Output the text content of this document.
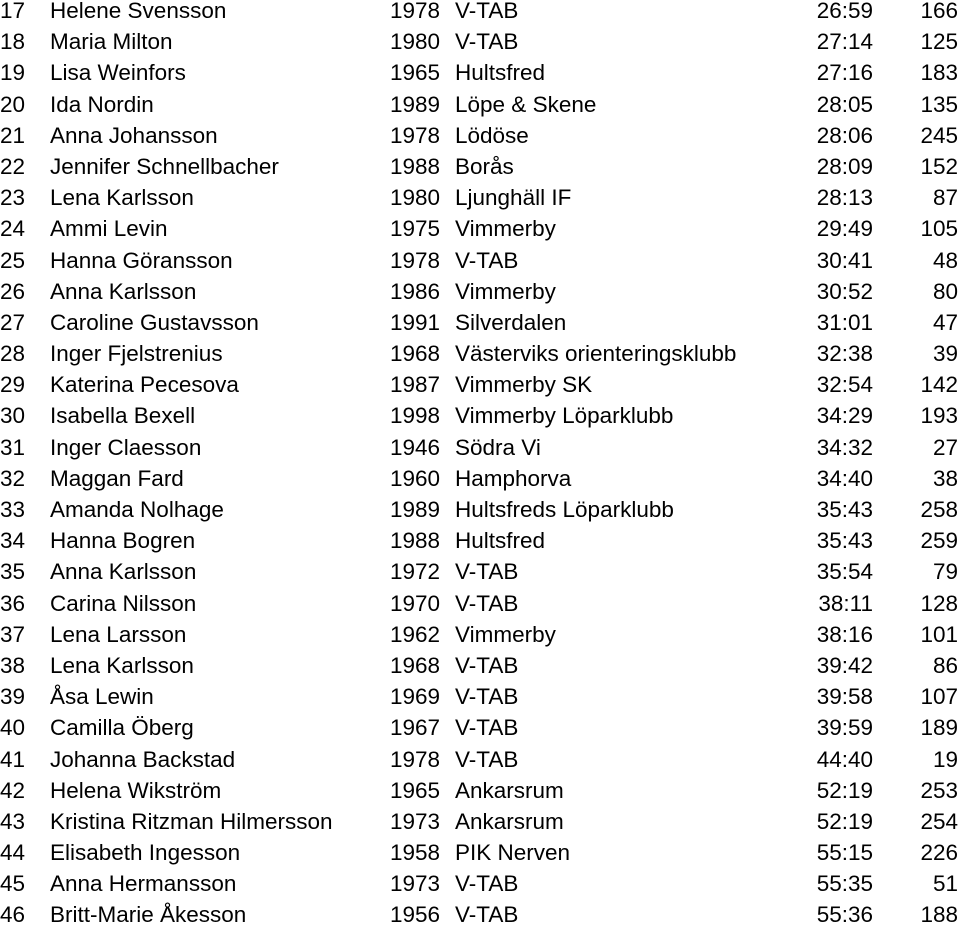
17 Helene Svensson	1978 V-TAB	26:59 166
18 Maria Milton	1980 V-TAB	27:14 125
19 Lisa Weinfors	1965 Hultsfred	27:16 183
20 Ida Nordin	1989 Löpe & Skene	28:05 135
21 Anna Johansson	1978 Lödöse	28:06 245
22 Jennifer Schnellbacher	1988 Borås	28:09 152
23 Lena Karlsson	1980 Ljunghäll IF	28:13	87
24 Ammi Levin	1975 Vimmerby	29:49 105
25 Hanna Göransson	1978 V-TAB	30:41	48
26 Anna Karlsson	1986 Vimmerby	30:52	80
27 Caroline Gustavsson	1991 Silverdalen	31:01	47
28 Inger Fjelstrenius	1968 Västerviks orienteringsklubb	32:38	39
29 Katerina Pecesova	1987 Vimmerby SK	32:54 142
30 Isabella Bexell	1998 Vimmerby Löparklubb	34:29 193
31 Inger Claesson	1946 Södra Vi	34:32	27
32 Maggan Fard	1960 Hamphorva	34:40	38
33 Amanda Nolhage	1989 Hultsfreds Löparklubb	35:43 258
34 Hanna Bogren	1988 Hultsfred	35:43 259
35 Anna Karlsson	1972 V-TAB	35:54	79
36 Carina Nilsson	1970 V-TAB	38:11 128
37 Lena Larsson	1962 Vimmerby	38:16 101
38 Lena Karlsson	1968 V-TAB	39:42	86
39 Åsa Lewin	1969 V-TAB	39:58 107
40 Camilla Öberg	1967 V-TAB	39:59 189
41 Johanna Backstad	1978 V-TAB	44:40	19
42 Helena Wikström	1965 Ankarsrum	52:19 253
43 Kristina Ritzman Hilmersson	1973 Ankarsrum	52:19 254
44 Elisabeth Ingesson	1958 PIK Nerven	55:15 226
45 Anna Hermansson	1973 V-TAB	55:35	51
46 Britt-Marie Åkesson	1956 V-TAB	55:36 188
